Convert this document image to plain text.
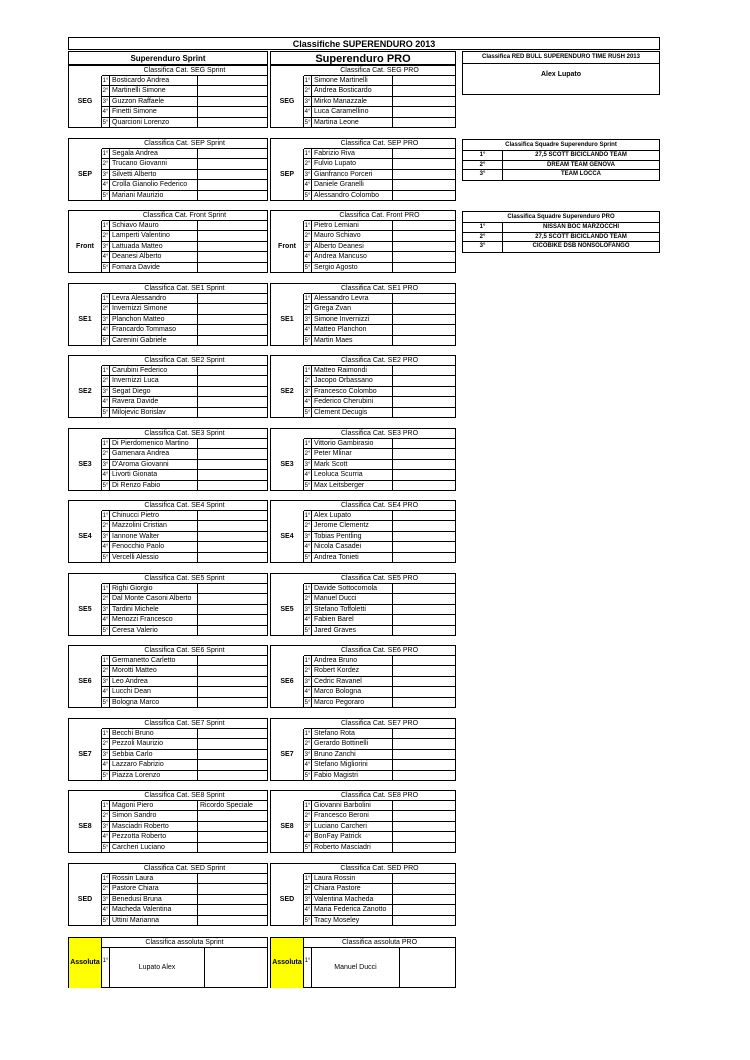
Classifiche SUPERENDURO 2013
Superenduro Sprint	Superenduro PRO	Classifica RED BULL SUPERENDURO TIME RUSH 2013
Alex Lupato
Classifica Squadre Superenduro Sprint
1°	27,5 SCOTT BICICLANDO TEAM
2°	DREAM TEAM GENOVA
3°	TEAM LOCCA
Classifica Squadre Superenduro PRO
1°	NISSAN BOC MARZOCCHI
2°	27,5 SCOTT BICICLANDO TEAM
3°	CICOBIKE DSB NONSOLOFANGO
Classifica Cat. SEG Sprint
SEG
1° Bosticardo Andrea
2° Martinelli Simone
3° Guzzon Raffaele
4° Finetti Simone
5° Quarcioni Lorenzo
Classifica Cat. SEG PRO
SEG
1° Simone Martinelli
2° Andrea Bosticardo
3° Mirko Manazzale
4° Luca Caramellino
5° Martina Leone
Classifica Cat. SEP Sprint
SEP
1° Segala Andrea
2° Trucano Giovanni
3° Silvetti Alberto
4° Crolla Gianolio Federico
5° Mariani Maurizio
Classifica Cat. SEP PRO
SEP
1° Fabrizio Riva
2° Fulvio Lupato
3° Gianfranco Porceri
4° Daniele Granelli
5° Alessandro Colombo
Classifica Cat. Front Sprint
Front
1° Schiavo Mauro
2° Lamperti Valentino
3° Lattuada Matteo
4° Deanesi Alberto
5° Fomara Davide
Classifica Cat. Front PRO
Front
1° Pietro Lemiani
2° Mauro Schiavo
3° Alberto Deanesi
4° Andrea Mancuso
5° Sergio Agosto
Classifica Cat. SE1 Sprint
SE1
1° Levra Alessandro
2° Invernizzi Simone
3° Planchon Matteo
4° Francardo Tommaso
5° Carenini Gabriele
Classifica Cat. SE1 PRO
SE1
1° Alessandro Levra
2° Grega Zvan
3° Simone Invernizzi
4° Matteo Planchon
5° Martin Maes
Classifica Cat. SE2 Sprint
SE2
1° Carubini Federico
2° Invernizzi Luca
3° Segat Diego
4° Ravera Davide
5° Milojevic Borislav
Classifica Cat. SE2 PRO
SE2
1° Matteo Raimondi
2° Jacopo Orbassano
3° Francesco Colombo
4° Federico Cherubini
5° Clement Decugis
Classifica Cat. SE3 Sprint
SE3
1° Di Pierdomenico Martino
2° Gamenara Andrea
3° D'Aroma Giovanni
4° Livorti Gionata
5° Di Renzo Fabio
Classifica Cat. SE3 PRO
SE3
1° Vittorio Gambirasio
2° Peter Mlinar
3° Mark Scott
4° Leoluca Scurria
5° Max Leitsberger
Classifica Cat. SE4 Sprint
SE4
1° Chinucci Pietro
2° Mazzolini Cristian
3° Iannone Walter
4° Fenocchio Paolo
5° Vercelli Alessio
Classifica Cat. SE4 PRO
SE4
1° Alex Lupato
2° Jerome Clementz
3° Tobias Pentling
4° Nicola Casadei
5° Andrea Tonieti
Classifica Cat. SE5 Sprint
SE5
1° Righi Giorgio
2° Dal Monte Casoni Alberto
3° Tardini Michele
4° Menozzi Francesco
5° Ceresa Valerio
Classifica Cat. SE5 PRO
SE5
1° Davide Sottocornola
2° Manuel Ducci
3° Stefano Toffoletti
4° Fabien Barel
5° Jared Graves
Classifica Cat. SE6 Sprint
SE6
1° Germanetto Carletto
2° Morotti Matteo
3° Leo Andrea
4° Lucchi Dean
5° Bologna Marco
Classifica Cat. SE6 PRO
SE6
1° Andrea Bruno
2° Robert Kordez
3° Cedric Ravanel
4° Marco Bologna
5° Marco Pegoraro
Classifica Cat. SE7 Sprint
SE7
1° Becchi Bruno
2° Pezzoli Maurizio
3° Sebbia Carlo
4° Lazzaro Fabrizio
5° Piazza Lorenzo
Classifica Cat. SE7 PRO
SE7
1° Stefano Rota
2° Gerardo Bottinelli
3° Bruno Zanchi
4° Stefano Migliorini
5° Fabio Magistri
Classifica Cat. SE8 Sprint
SE8
1° Magoni Piero	Ricordo Speciale
2° Simon Sandro
3° Masciadri Roberto
4° Pezzotta Roberto
5° Carcheri Luciano
Classifica Cat. SE8 PRO
SE8
1° Giovanni Barbolini
2° Francesco Beroni
3° Luciano Carcheri
4° BonFay Patrick
5° Roberto Masciadri
Classifica Cat. SED Sprint
SED
1° Rossin Laura
2° Pastore Chiara
3° Benedusi Bruna
4° Macheda Valentina
5° Uttini Marianna
Classifica Cat. SED PRO
SED
1° Laura Rossin
2° Chiara Pastore
3° Valentina Macheda
4° Maria Federica Zanotto
5° Tracy Moseley
Assoluta
Classifica assoluta Sprint
1°
Lupato Alex
Assoluta
Classifica assoluta PRO
1°
Manuel Ducci
